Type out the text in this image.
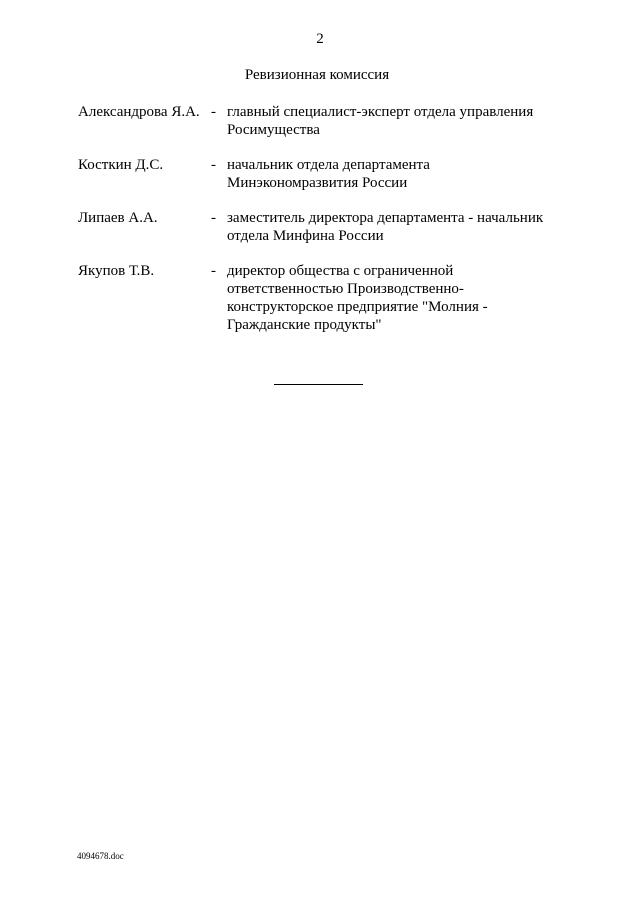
2
Ревизионная комиссия
Александрова Я.А. - главный специалист-эксперт отдела управления
Росимущества
Косткин Д.С.	- начальник отдела департамента
Минэкономразвития России
Липаев А.А.	- заместитель директора департамента - начальник
отдела Минфина России
Якупов Т.В.	- директор общества с ограниченной
ответственностью Производственно-
конструкторское предприятие "Молния -
Гражданские продукты"
4094678.doc
